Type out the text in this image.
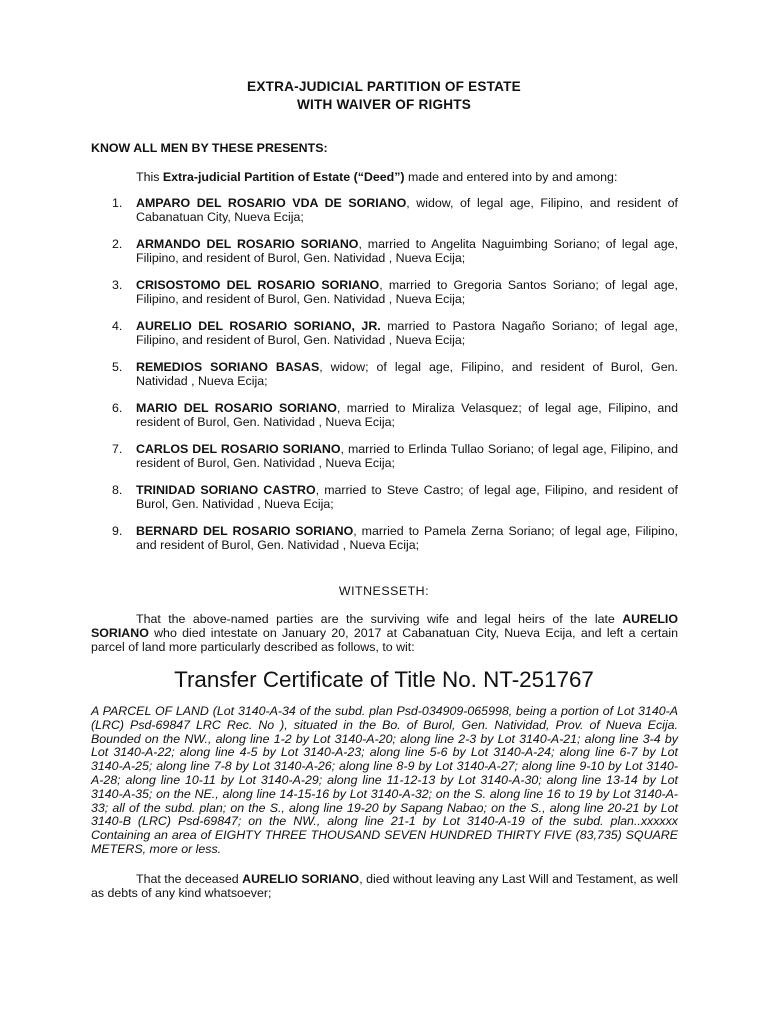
EXTRA-JUDICIAL PARTITION OF ESTATE
WITH WAIVER OF RIGHTS
KNOW ALL MEN BY THESE PRESENTS:
This Extra-judicial Partition of Estate (“Deed”) made and entered into by and among:
1.	AMPARO DEL ROSARIO VDA DE SORIANO, widow, of legal age, Filipino, and resident of Cabanatuan City, Nueva Ecija;
2.	ARMANDO DEL ROSARIO SORIANO, married to Angelita Naguimbing Soriano; of legal age, Filipino, and resident of Burol, Gen. Natividad , Nueva Ecija;
3.	CRISOSTOMO DEL ROSARIO SORIANO, married to Gregoria Santos Soriano; of legal age, Filipino, and resident of Burol, Gen. Natividad , Nueva Ecija;
4.	AURELIO DEL ROSARIO SORIANO, JR. married to Pastora Nagaño Soriano; of legal age, Filipino, and resident of Burol, Gen. Natividad , Nueva Ecija;
5.	REMEDIOS SORIANO BASAS, widow; of legal age, Filipino, and resident of Burol, Gen. Natividad , Nueva Ecija;
6.	MARIO DEL ROSARIO SORIANO, married to Miraliza Velasquez; of legal age, Filipino, and resident of Burol, Gen. Natividad , Nueva Ecija;
7.	CARLOS DEL ROSARIO SORIANO, married to Erlinda Tullao Soriano; of legal age, Filipino, and resident of Burol, Gen. Natividad , Nueva Ecija;
8.	TRINIDAD SORIANO CASTRO, married to Steve Castro; of legal age, Filipino, and resident of Burol, Gen. Natividad , Nueva Ecija;
9.	BERNARD DEL ROSARIO SORIANO, married to Pamela Zerna Soriano; of legal age, Filipino, and resident of Burol, Gen. Natividad , Nueva Ecija;
WITNESSETH:
That the above-named parties are the surviving wife and legal heirs of the late AURELIO SORIANO who died intestate on January 20, 2017 at Cabanatuan City, Nueva Ecija, and left a certain parcel of land more particularly described as follows, to wit:
Transfer Certificate of Title No. NT-251767
A PARCEL OF LAND (Lot 3140-A-34 of the subd. plan Psd-034909-065998, being a portion of Lot 3140-A (LRC) Psd-69847 LRC Rec. No ), situated in the Bo. of Burol, Gen. Natividad, Prov. of Nueva Ecija. Bounded on the NW., along line 1-2 by Lot 3140-A-20; along line 2-3 by Lot 3140-A-21; along line 3-4 by Lot 3140-A-22; along line 4-5 by Lot 3140-A-23; along line 5-6 by Lot 3140-A-24; along line 6-7 by Lot 3140-A-25; along line 7-8 by Lot 3140-A-26; along line 8-9 by Lot 3140-A-27; along line 9-10 by Lot 3140-A-28; along line 10-11 by Lot 3140-A-29; along line 11-12-13 by Lot 3140-A-30; along line 13-14 by Lot 3140-A-35; on the NE., along line 14-15-16 by Lot 3140-A-32; on the S. along line 16 to 19 by Lot 3140-A-33; all of the subd. plan; on the S., along line 19-20 by Sapang Nabao; on the S., along line 20-21 by Lot 3140-B (LRC) Psd-69847; on the NW., along line 21-1 by Lot 3140-A-19 of the subd. plan..xxxxxx Containing an area of EIGHTY THREE THOUSAND SEVEN HUNDRED THIRTY FIVE (83,735) SQUARE METERS, more or less.
That the deceased AURELIO SORIANO, died without leaving any Last Will and Testament, as well as debts of any kind whatsoever;
